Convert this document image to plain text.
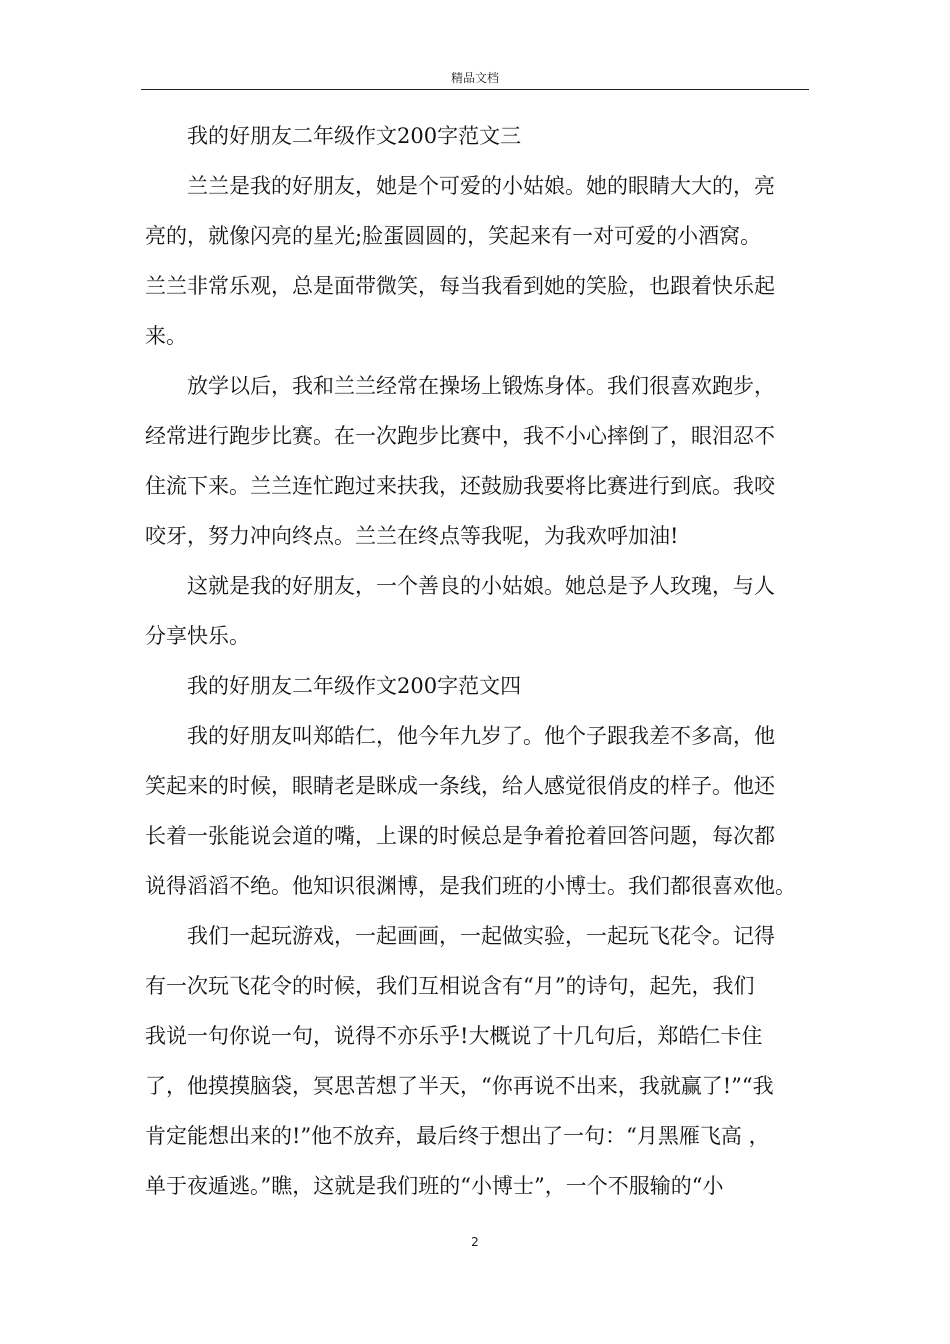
精品文档
我的好朋友二年级作文200字范文三
兰兰是我的好朋友，她是个可爱的小姑娘。她的眼睛大大的，亮
亮的，就像闪亮的星光;脸蛋圆圆的，笑起来有一对可爱的小酒窝。
兰兰非常乐观，总是面带微笑，每当我看到她的笑脸，也跟着快乐起
来。
放学以后，我和兰兰经常在操场上锻炼身体。我们很喜欢跑步，
经常进行跑步比赛。在一次跑步比赛中，我不小心摔倒了，眼泪忍不
住流下来。兰兰连忙跑过来扶我，还鼓励我要将比赛进行到底。我咬
咬牙，努力冲向终点。兰兰在终点等我呢，为我欢呼加油!
这就是我的好朋友，一个善良的小姑娘。她总是予人玫瑰，与人
分享快乐。
我的好朋友二年级作文200字范文四
我的好朋友叫郑皓仁，他今年九岁了。他个子跟我差不多高，他
笑起来的时候，眼睛老是眯成一条线，给人感觉很俏皮的样子。他还
长着一张能说会道的嘴，上课的时候总是争着抢着回答问题，每次都
说得滔滔不绝。他知识很渊博，是我们班的小博士。我们都很喜欢他。
我们一起玩游戏，一起画画，一起做实验，一起玩飞花令。记得
有一次玩飞花令的时候，我们互相说含有“月”的诗句，起先，我们
我说一句你说一句，说得不亦乐乎!大概说了十几句后，郑皓仁卡住
了，他摸摸脑袋，冥思苦想了半天，“你再说不出来，我就赢了!”“我
肯定能想出来的!”他不放弃，最后终于想出了一句：“月黑雁飞高 ，
单于夜遁逃。”瞧，这就是我们班的“小博士”，一个不服输的“小
2
